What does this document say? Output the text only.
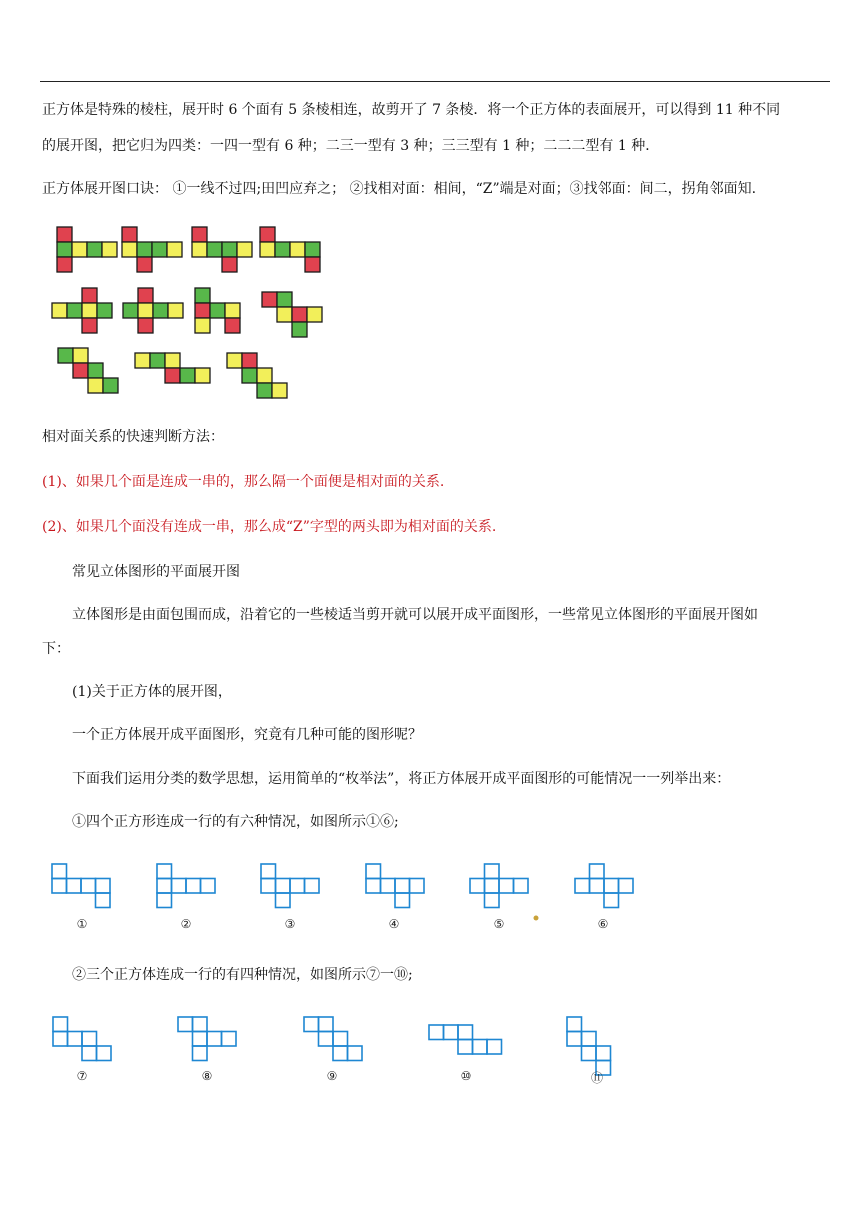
正方体是特殊的棱柱，展开时 6 个面有 5 条棱相连，故剪开了 7 条棱．将一个正方体的表面展开，可以得到 11 种不同
的展开图，把它归为四类：一四一型有 6 种；二三一型有 3 种；三三型有 1 种；二二二型有 1 种．
正方体展开图口诀： ①一线不过四;田凹应弃之； ②找相对面：相间，“Z”端是对面；③找邻面：间二，拐角邻面知.
相对面关系的快速判断方法：
(1)、如果几个面是连成一串的，那么隔一个面便是相对面的关系.
(2)、如果几个面没有连成一串，那么成“Z”字型的两头即为相对面的关系.
常见立体图形的平面展开图
立体图形是由面包围而成，沿着它的一些棱适当剪开就可以展开成平面图形，一些常见立体图形的平面展开图如
下：
(1)关于正方体的展开图，
一个正方体展开成平面图形，究竟有几种可能的图形呢？
下面我们运用分类的数学思想，运用简单的“枚举法”，将正方体展开成平面图形的可能情况一一列举出来：
①四个正方形连成一行的有六种情况，如图所示①⑥;
①	②	③	④	⑤	⑥
②三个正方体连成一行的有四种情况，如图所示⑦一⑩;
⑦	⑧	⑨	⑩	⑪
